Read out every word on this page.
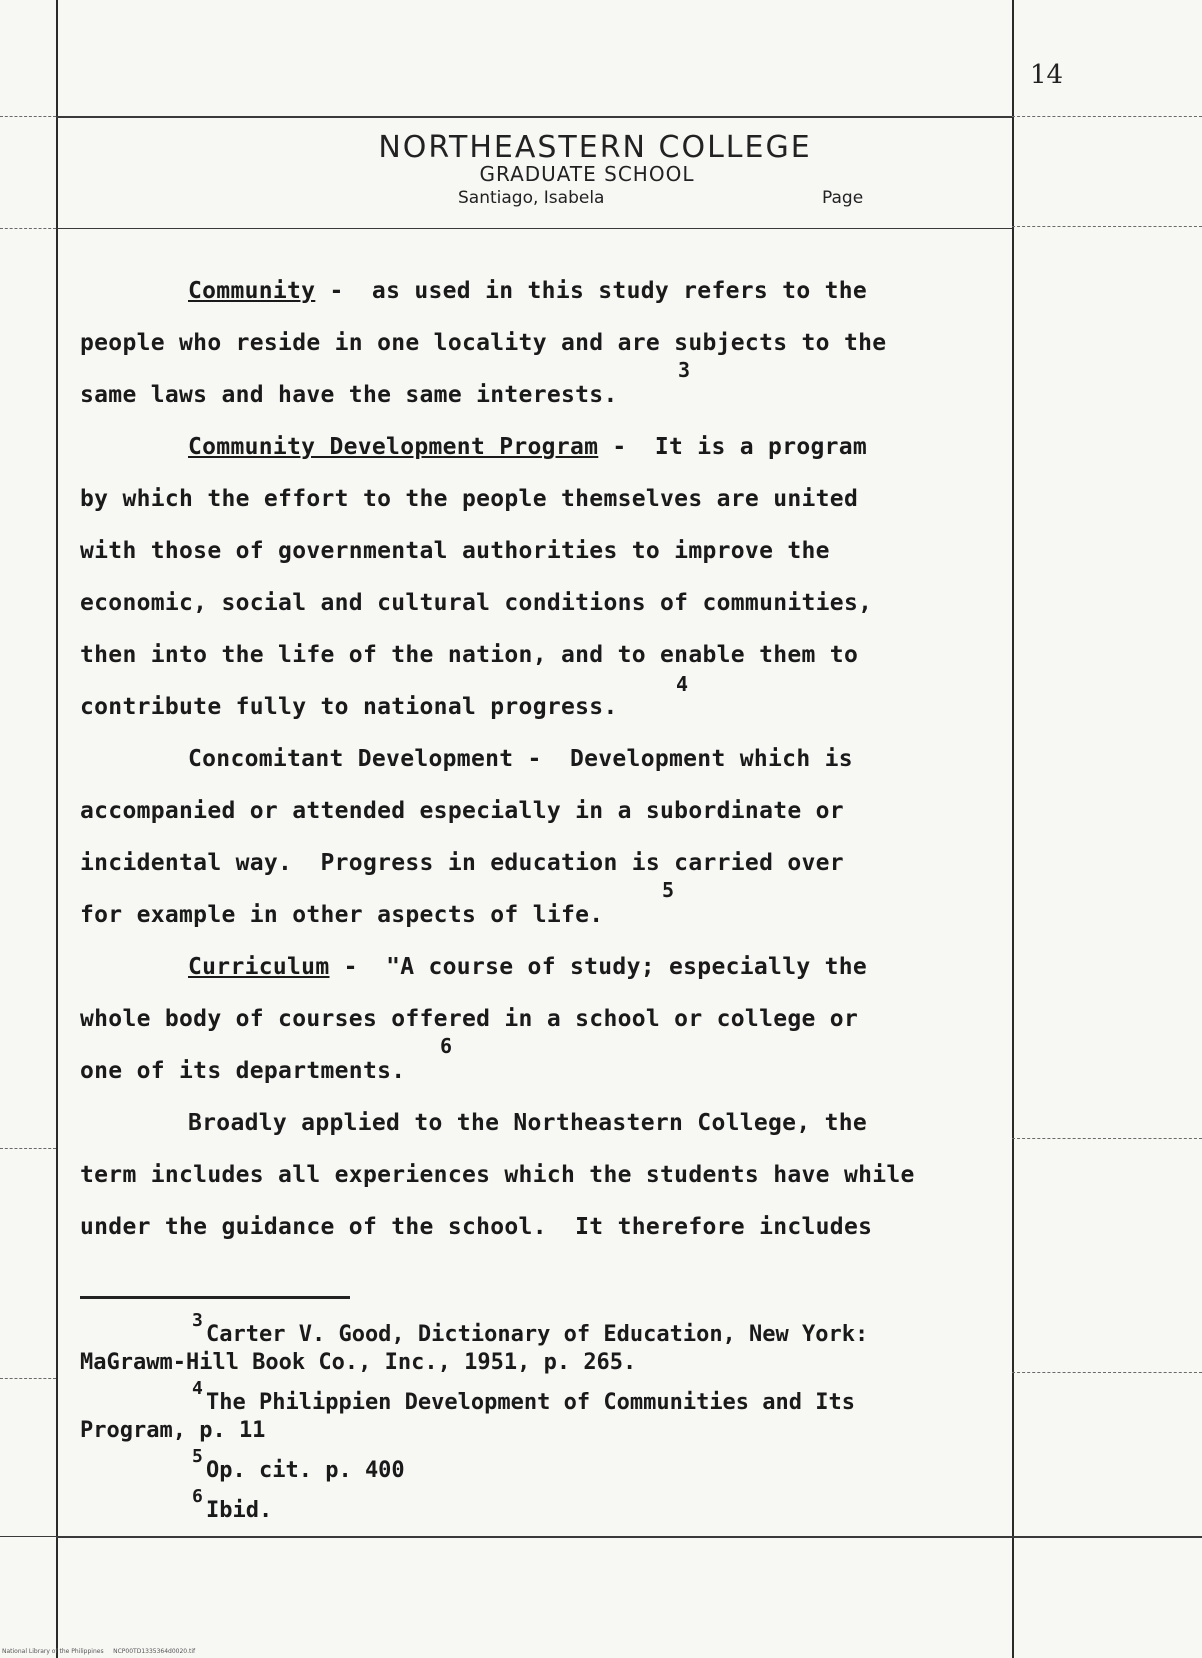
14
NORTHEASTERN COLLEGE
GRADUATE SCHOOL
Santiago, Isabela	Page
Community -  as used in this study refers to the
people who reside in one locality and are subjects to the
same laws and have the same interests.
3
Community Development Program -  It is a program
by which the effort to the people themselves are united
with those of governmental authorities to improve the
economic, social and cultural conditions of communities,
then into the life of the nation, and to enable them to
contribute fully to national progress.
4
Concomitant Development -  Development which is
accompanied or attended especially in a subordinate or
incidental way.  Progress in education is carried over
for example in other aspects of life.
5
Curriculum -  "A course of study; especially the
whole body of courses offered in a school or college or
one of its departments.
6
Broadly applied to the Northeastern College, the
term includes all experiences which the students have while
under the guidance of the school.  It therefore includes
3
Carter V. Good, Dictionary of Education, New York:
MaGrawm-Hill Book Co., Inc., 1951, p. 265.
4
The Philippien Development of Communities and Its
Program, p. 11
5
Op. cit. p. 400
6
Ibid.
National Library of the Philippines     NCP00TD1335364d0020.tif
